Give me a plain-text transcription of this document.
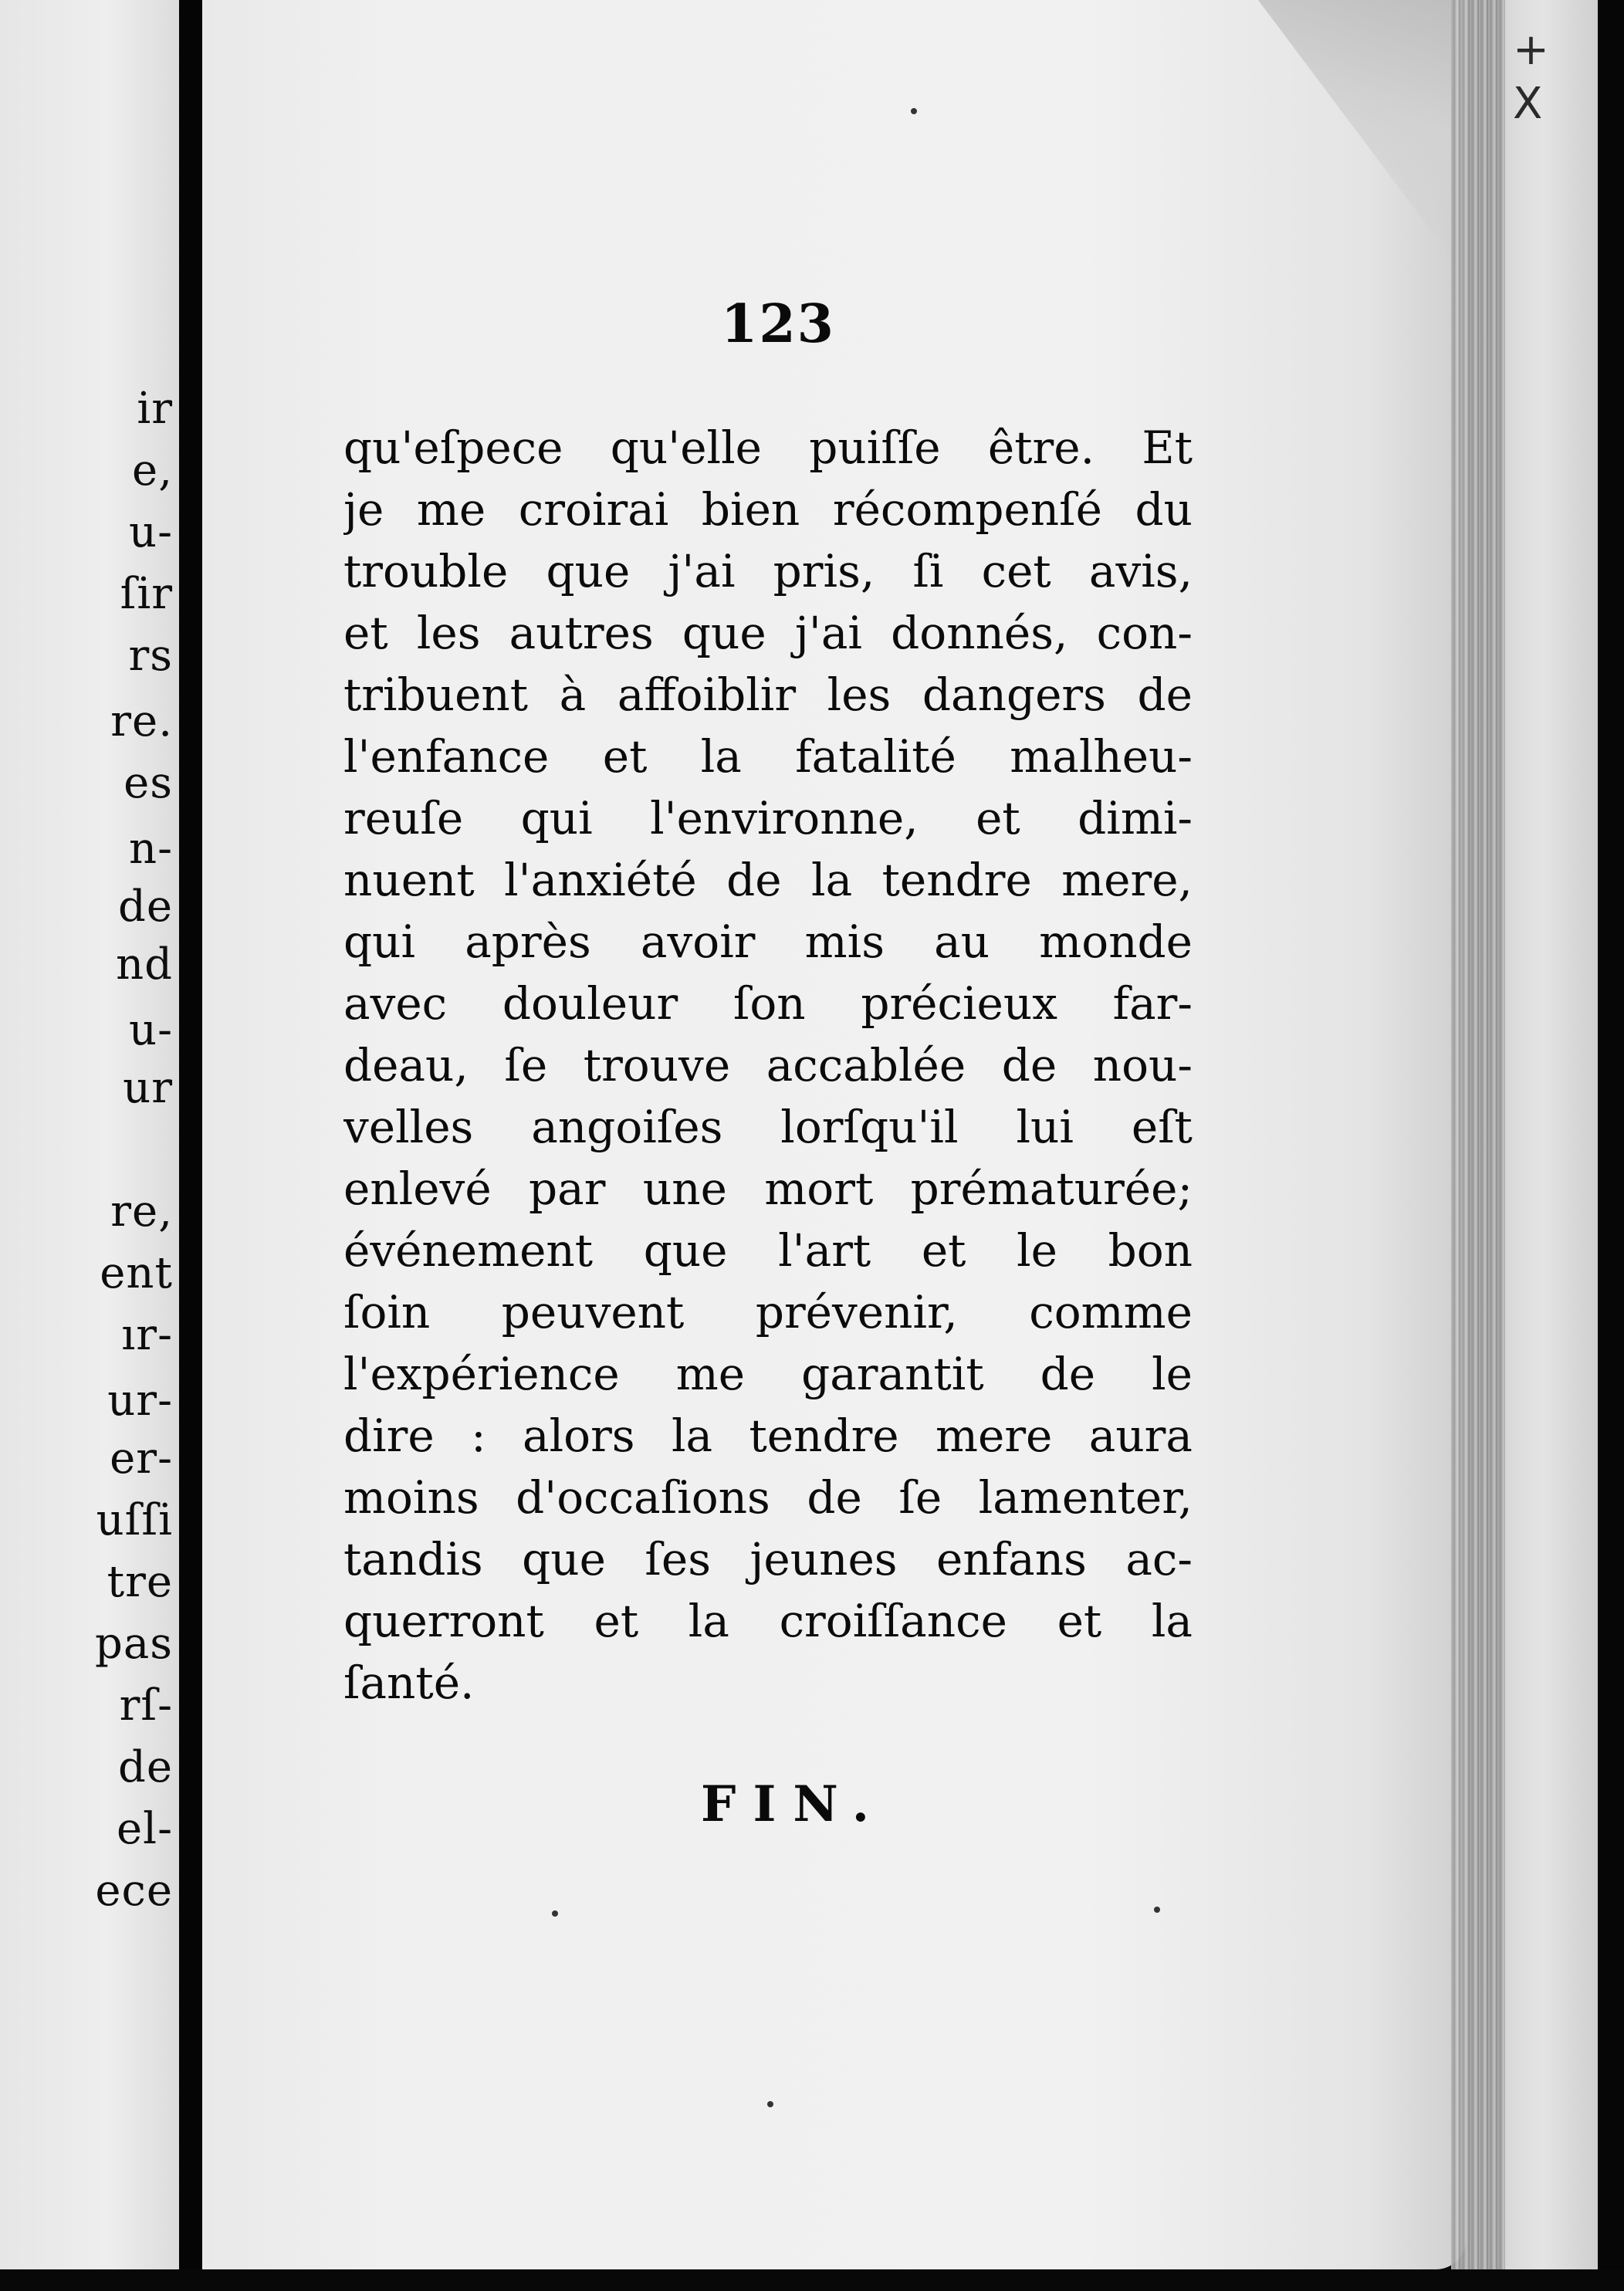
ir
e,
u-
ſir
rs
re.
es
n-
de
nd
u-
ur
re,
ent
ır-
ur-
er-
uſſi
tre
pas
rſ-
de
el-
ece
+
X
123
qu'eſpece qu'elle puiſſe être. Et
je me croirai bien récompenſé du
trouble que j'ai pris, ſi cet avis,
et les autres que j'ai donnés, con-
tribuent à affoiblir les dangers de
l'enfance et la fatalité malheu-
reuſe qui l'environne, et dimi-
nuent l'anxiété de la tendre mere,
qui après avoir mis au monde
avec douleur ſon précieux far-
deau, ſe trouve accablée de nou-
velles angoiſes lorſqu'il lui eſt
enlevé par une mort prématurée;
événement que l'art et le bon
ſoin peuvent prévenir, comme
l'expérience me garantit de le
dire : alors la tendre mere aura
moins d'occaſions de ſe lamenter,
tandis que ſes jeunes enfans ac-
querront et la croiſſance et la
ſanté.
FIN.
